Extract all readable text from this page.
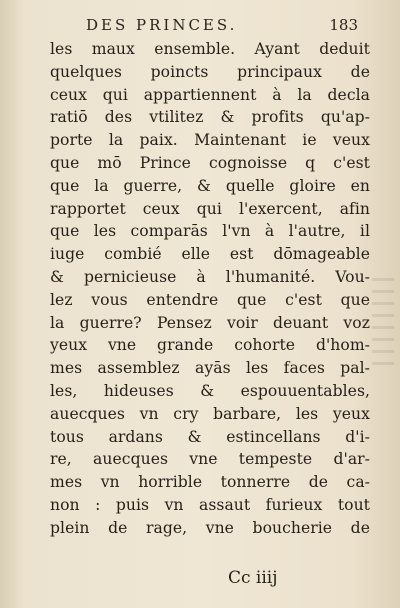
DES PRINCES.	183
les maux ensemble. Ayant deduit
quelques poincts principaux de
ceux qui appartiennent à la decla
ratiō des vtilitez & profits qu'ap-
porte la paix. Maintenant ie veux
que mō Prince cognoisse q c'est
que la guerre, & quelle gloire en
rapportet ceux qui l'exercent, afin
que les comparās l'vn à l'autre, il
iuge combié elle est dōmageable
& pernicieuse à l'humanité. Vou-
lez vous entendre que c'est que
la guerre? Pensez voir deuant voz
yeux vne grande cohorte d'hom-
mes assemblez ayās les faces pal-
les, hideuses & espouuentables,
auecques vn cry barbare, les yeux
tous ardans & estincellans d'i-
re, auecques vne tempeste d'ar-
mes vn horrible tonnerre de ca-
non : puis vn assaut furieux tout
plein de rage, vne boucherie de
Cc iiij
